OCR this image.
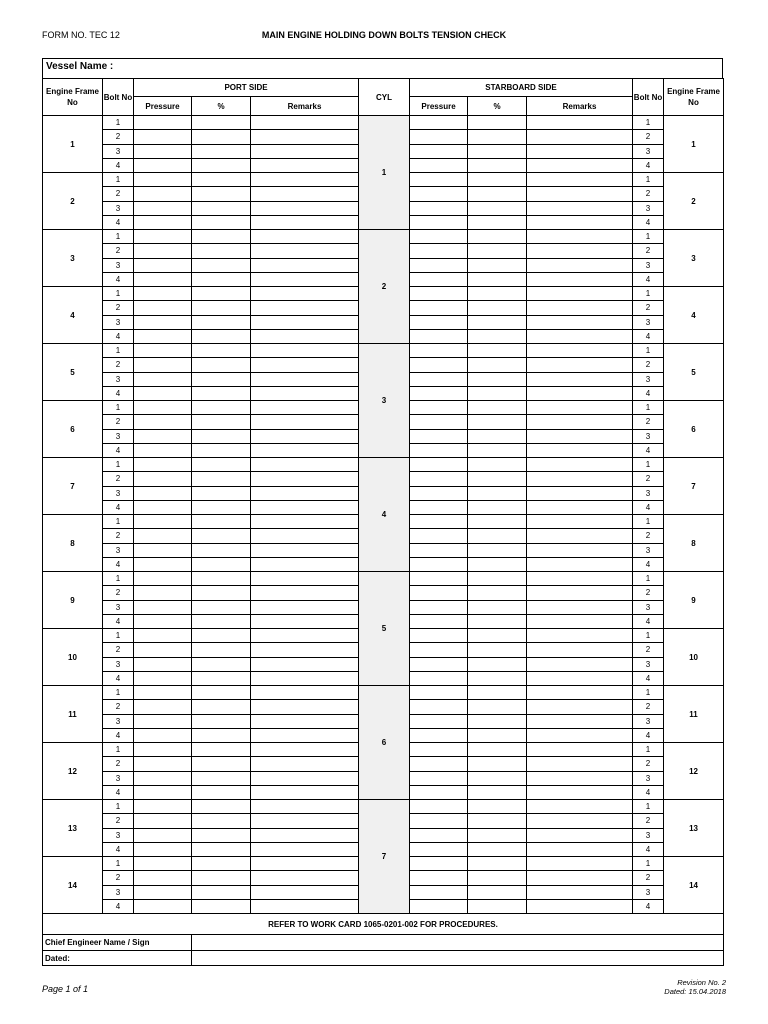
FORM NO. TEC 12	MAIN ENGINE HOLDING DOWN BOLTS TENSION CHECK
Vessel Name :
Engine Frame No	Bolt No	PORT SIDE			CYL	STARBOARD SIDE			Bolt No	Engine Frame No
		Pressure	%	Remarks		Pressure	%	Remarks		
1	1				1				1	1
	2								2	
	3								3	
	4								4	
2	1								1	2
	2								2	
	3								3	
	4								4	
3	1				2				1	3
	2								2	
	3								3	
	4								4	
4	1								1	4
	2								2	
	3								3	
	4								4	
5	1				3				1	5
	2								2	
	3								3	
	4								4	
6	1								1	6
	2								2	
	3								3	
	4								4	
7	1				4				1	7
	2								2	
	3								3	
	4								4	
8	1								1	8
	2								2	
	3								3	
	4								4	
9	1				5				1	9
	2								2	
	3								3	
	4								4	
10	1								1	10
	2								2	
	3								3	
	4								4	
11	1				6				1	11
	2								2	
	3								3	
	4								4	
12	1								1	12
	2								2	
	3								3	
	4								4	
13	1				7				1	13
	2								2	
	3								3	
	4								4	
14	1								1	14
	2								2	
	3								3	
	4								4	
REFER TO WORK CARD 1065-0201-002 FOR PROCEDURES.										
Chief Engineer Name / Sign										
Dated:										
Page 1 of 1
Revision No. 2
Dated: 15.04.2018
